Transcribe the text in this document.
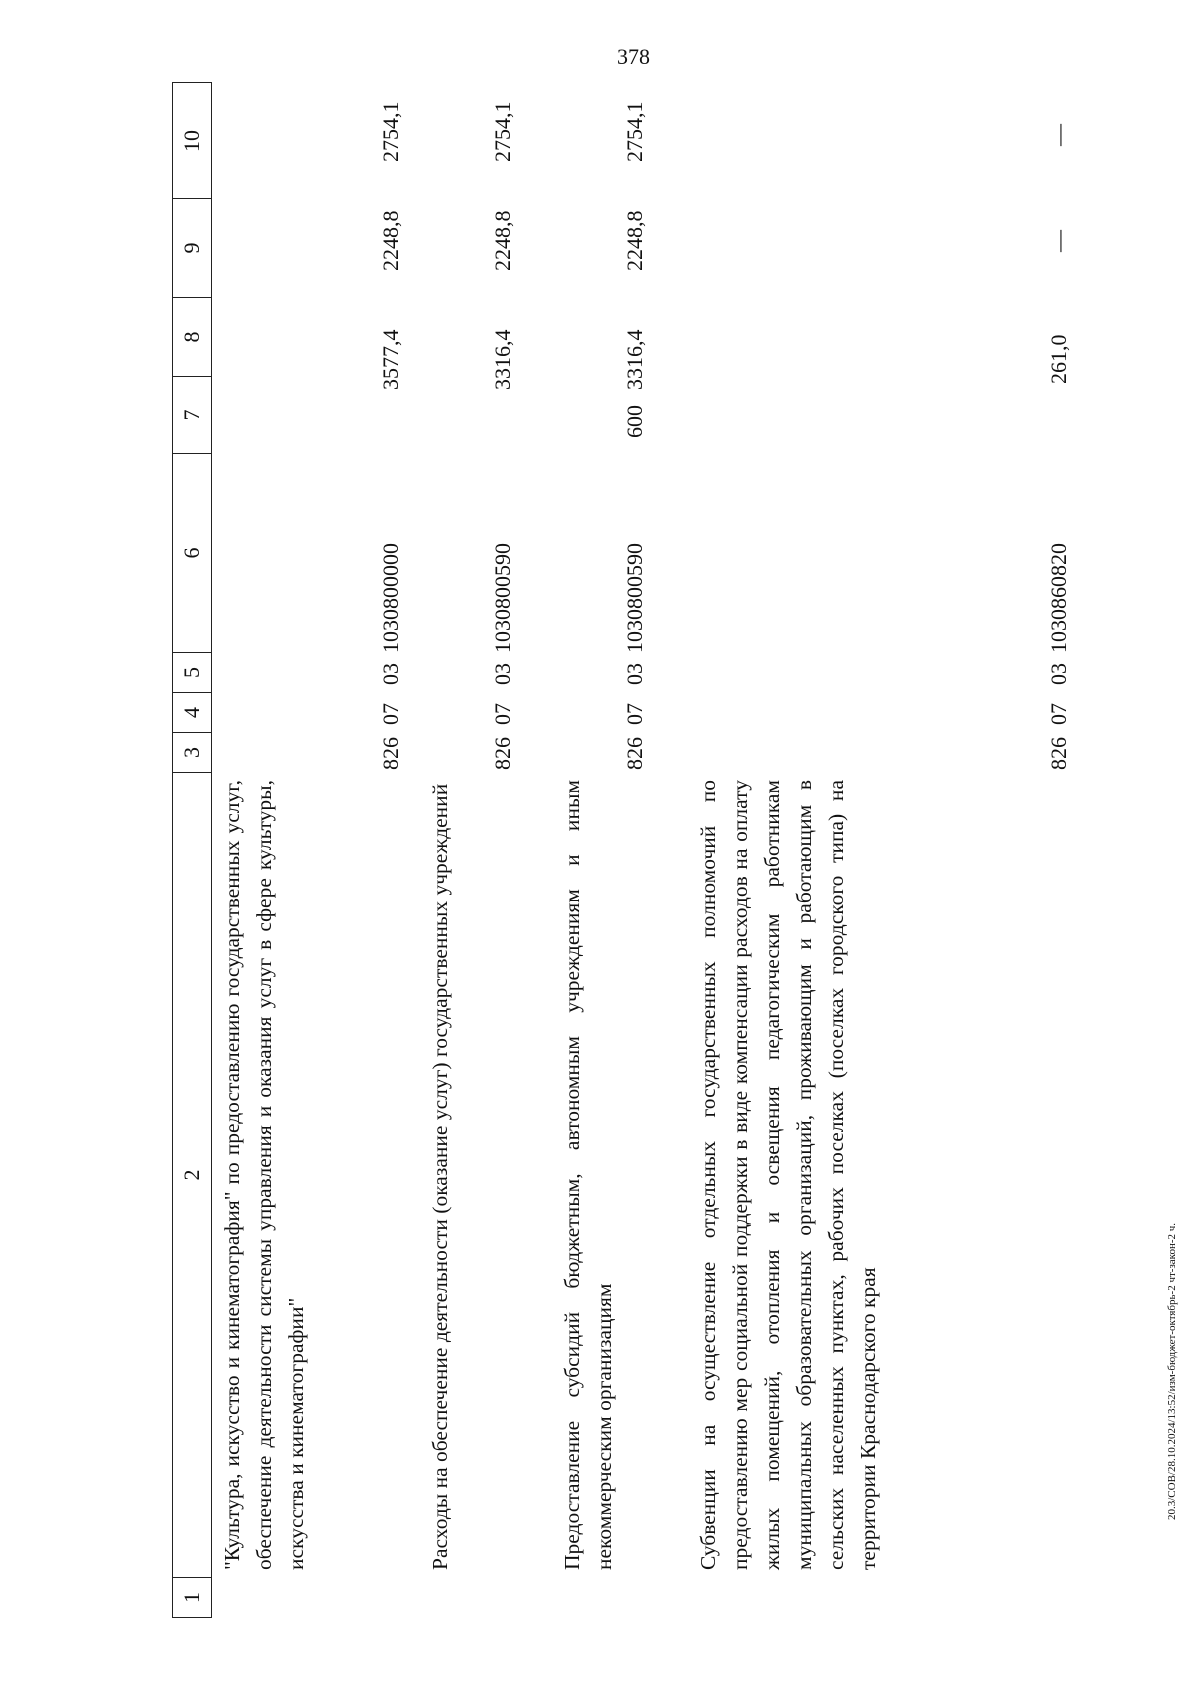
378
20.3/СОВ/28.10.2024/13:52/изм-бюджет-октябрь-2 чт-закон-2 ч.
1
2
3
4
5
6
7
8
9
10
"Культура, искусство и кинематография" по предоставлению государственных услуг, обеспечение деятельности системы управления и оказания услуг в сфере культуры, искусства и кинематографии"
826
07
03
1030800000
3577,4
2248,8
2754,1
Расходы на обеспечение деятельности (оказание услуг) государственных учреждений
826
07
03
1030800590
3316,4
2248,8
2754,1
Предоставление субсидий бюджетным, автономным учреждениям и иным некоммерческим организациям
826
07
03
1030800590
600
3316,4
2248,8
2754,1
Субвенции на осуществление отдельных государственных полномочий по предоставлению мер социальной поддержки в виде компенсации расходов на оплату жилых помещений, отопления и освещения педагогическим работникам муниципальных образовательных организаций, проживающим и работающим в сельских населенных пунктах, рабочих поселках (поселках городского типа) на территории Краснодарского края
826
07
03
1030860820
261,0
—
—
